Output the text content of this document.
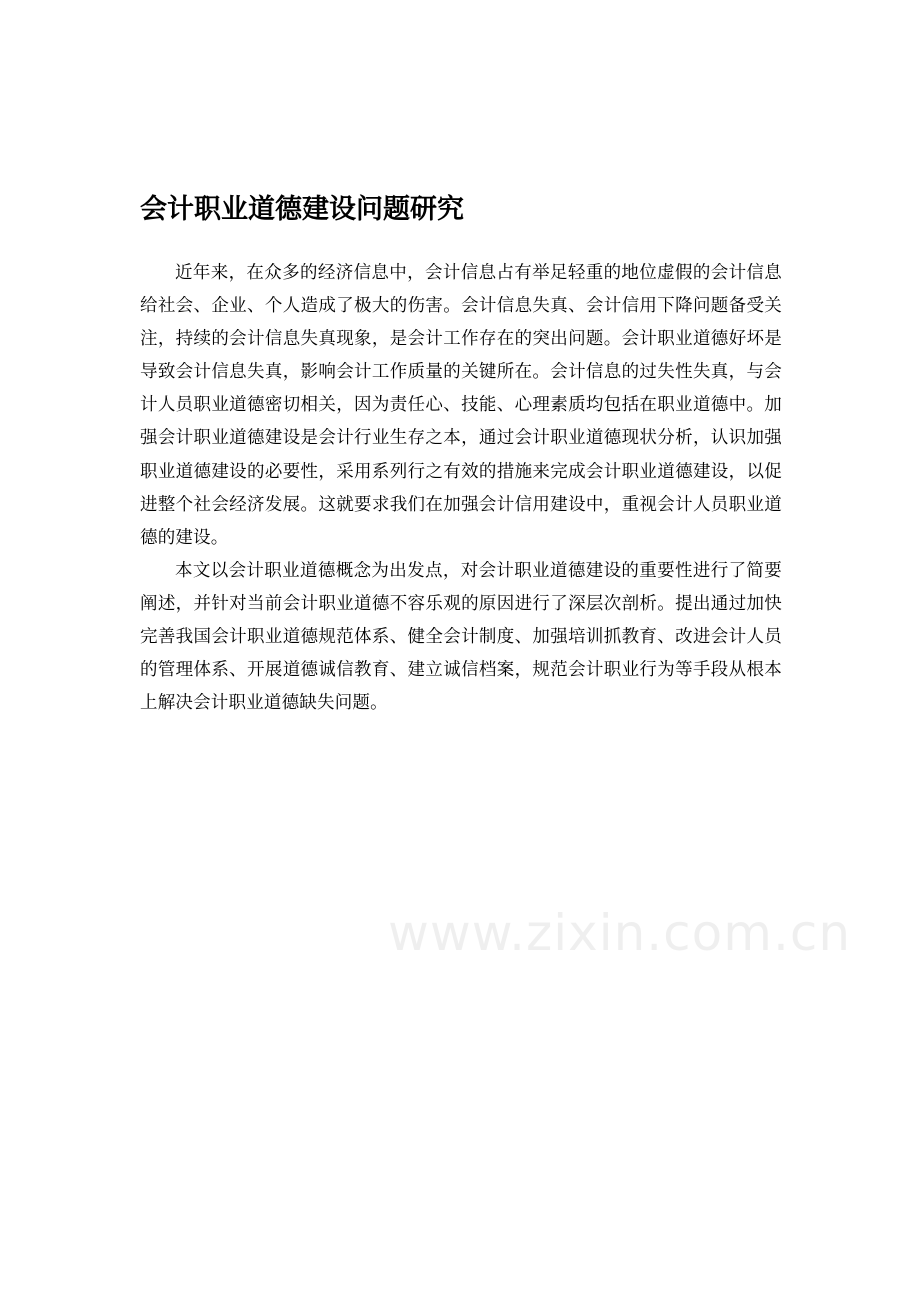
会计职业道德建设问题研究

近年来，在众多的经济信息中，会计信息占有举足轻重的地位虚假的会计信息给社会、企业、个人造成了极大的伤害。会计信息失真、会计信用下降问题备受关注，持续的会计信息失真现象，是会计工作存在的突出问题。会计职业道德好坏是导致会计信息失真，影响会计工作质量的关键所在。会计信息的过失性失真，与会计人员职业道德密切相关，因为责任心、技能、心理素质均包括在职业道德中。加强会计职业道德建设是会计行业生存之本，通过会计职业道德现状分析，认识加强职业道德建设的必要性，采用系列行之有效的措施来完成会计职业道德建设，以促进整个社会经济发展。这就要求我们在加强会计信用建设中，重视会计人员职业道德的建设。

本文以会计职业道德概念为出发点，对会计职业道德建设的重要性进行了简要阐述，并针对当前会计职业道德不容乐观的原因进行了深层次剖析。提出通过加快完善我国会计职业道德规范体系、健全会计制度、加强培训抓教育、改进会计人员的管理体系、开展道德诚信教育、建立诚信档案，规范会计职业行为等手段从根本上解决会计职业道德缺失问题。

www.zixin.com.cn
